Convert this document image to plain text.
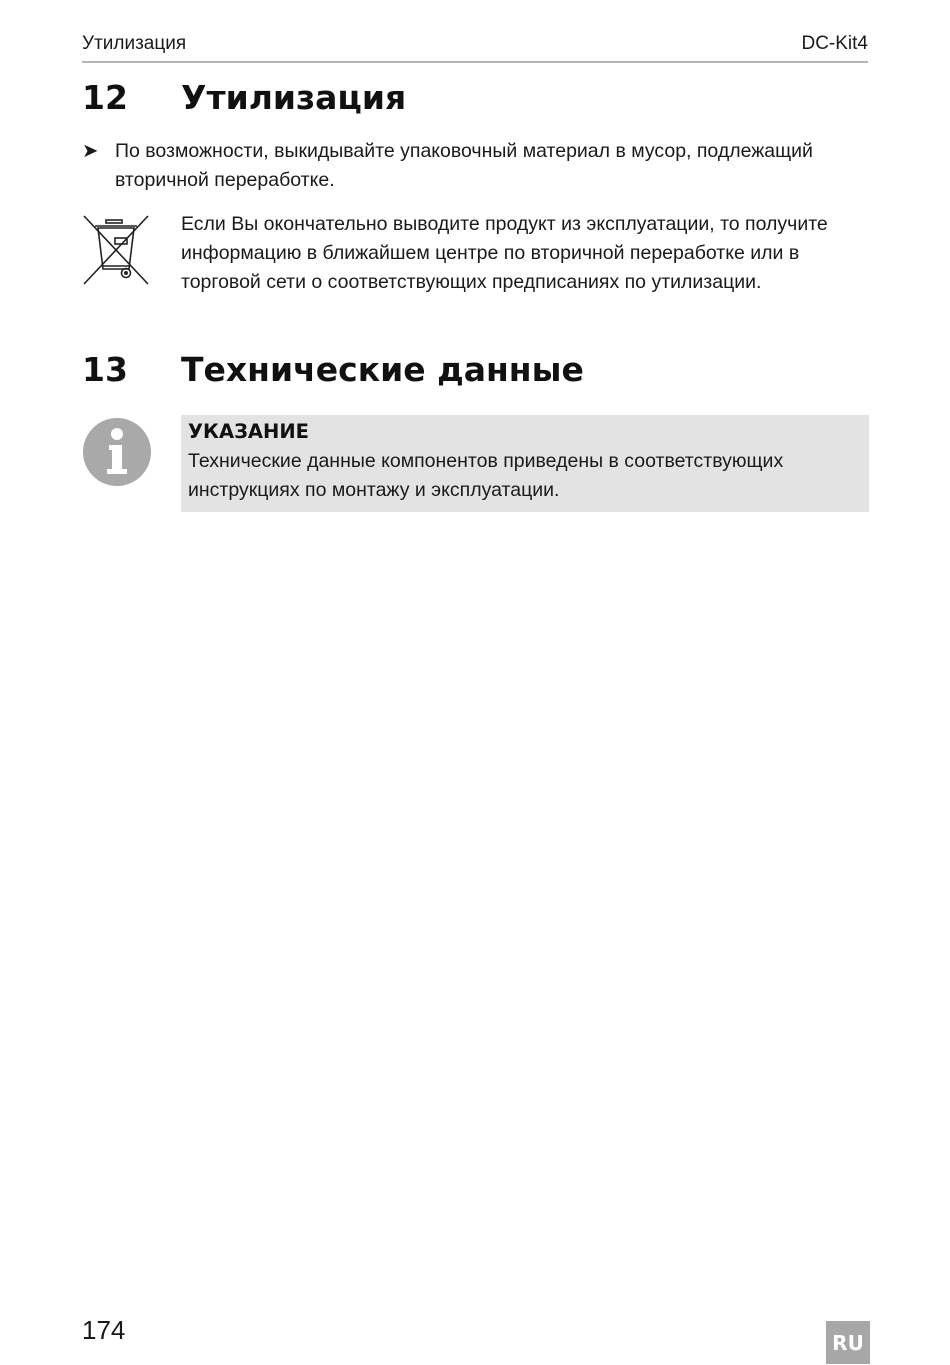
Утилизация	DC-Kit4
12 Утилизация
➤ По возможности, выкидывайте упаковочный материал в мусор, подлежащий вторичной переработке.
Если Вы окончательно выводите продукт из эксплуатации, то получите информацию в ближайшем центре по вторичной переработке или в торговой сети о соответствующих предписаниях по утилизации.
13 Технические данные
УКАЗАНИЕ
Технические данные компонентов приведены в соответствующих инструкциях по монтажу и эксплуатации.
174	RU
